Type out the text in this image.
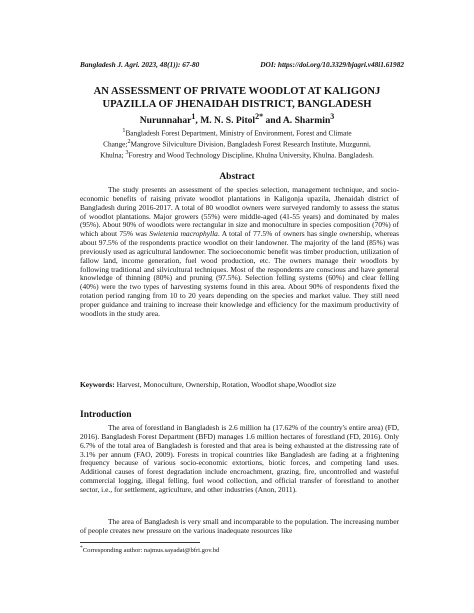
Bangladesh J. Agri. 2023, 48(1)): 67-80	DOI: https://doi.org/10.3329/bjagri.v48i1.61982
AN ASSESSMENT OF PRIVATE WOODLOT AT KALIGONJ
UPAZILLA OF JHENAIDAH DISTRICT, BANGLADESH
Nurunnahar$^1$, M. N. S. Pitol$^{2*}$ and A. Sharmin$^3$
$^1$Bangladesh Forest Department, Ministry of Environment, Forest and Climate Change;$^2$Mangrove Silviculture Division, Bangladesh Forest Research Institute, Muzgunni, Khulna; $^3$Forestry and Wood Technology Discipline, Khulna University, Khulna. Bangladesh.
Abstract

The study presents an assessment of the species selection, management technique, and socio-economic benefits of raising private woodlot plantations in Kaligonja upazila, Jhenaidah district of Bangladesh during 2016-2017. A total of 80 woodlot owners were surveyed randomly to assess the status of woodlot plantations. Major growers (55%) were middle-aged (41-55 years) and dominated by males (95%). About 90% of woodlots were rectangular in size and monoculture in species composition (70%) of which about 75% was Swietenia macrophylla. A total of 77.5% of owners has single ownership, whereas about 97.5% of the respondents practice woodlot on their landowner. The majority of the land (85%) was previously used as agricultural landowner. The socioeconomic benefit was timber production, utilization of fallow land, income generation, fuel wood production, etc. The owners manage their woodlots by following traditional and silvicultural techniques. Most of the respondents are conscious and have general knowledge of thinning (80%) and pruning (97.5%). Selection felling systems (60%) and clear felling (40%) were the two types of harvesting systems found in this area. About 90% of respondents fixed the rotation period ranging from 10 to 20 years depending on the species and market value. They still need proper guidance and training to increase their knowledge and efficiency for the maximum productivity of woodlots in the study area.

Keywords: Harvest, Monoculture, Ownership, Rotation, Woodlot shape,Woodlot size
Introduction

The area of forestland in Bangladesh is 2.6 million ha (17.62% of the country's entire area) (FD, 2016). Bangladesh Forest Department (BFD) manages 1.6 million hectares of forestland (FD, 2016). Only 6.7% of the total area of Bangladesh is forested and that area is being exhausted at the distressing rate of 3.1% per annum (FAO, 2009). Forests in tropical countries like Bangladesh are fading at a frightening frequency because of various socio-economic extortions, biotic forces, and competing land uses. Additional causes of forest degradation include encroachment, grazing, fire, uncontrolled and wasteful commercial logging, illegal felling, fuel wood collection, and official transfer of forestland to another sector, i.e., for settlement, agriculture, and other industries (Anon, 2011).

The area of Bangladesh is very small and incomparable to the population. The increasing number of people creates new pressure on the various inadequate resources like

*Corresponding author: najmus.sayadat@bfri.gov.bd
